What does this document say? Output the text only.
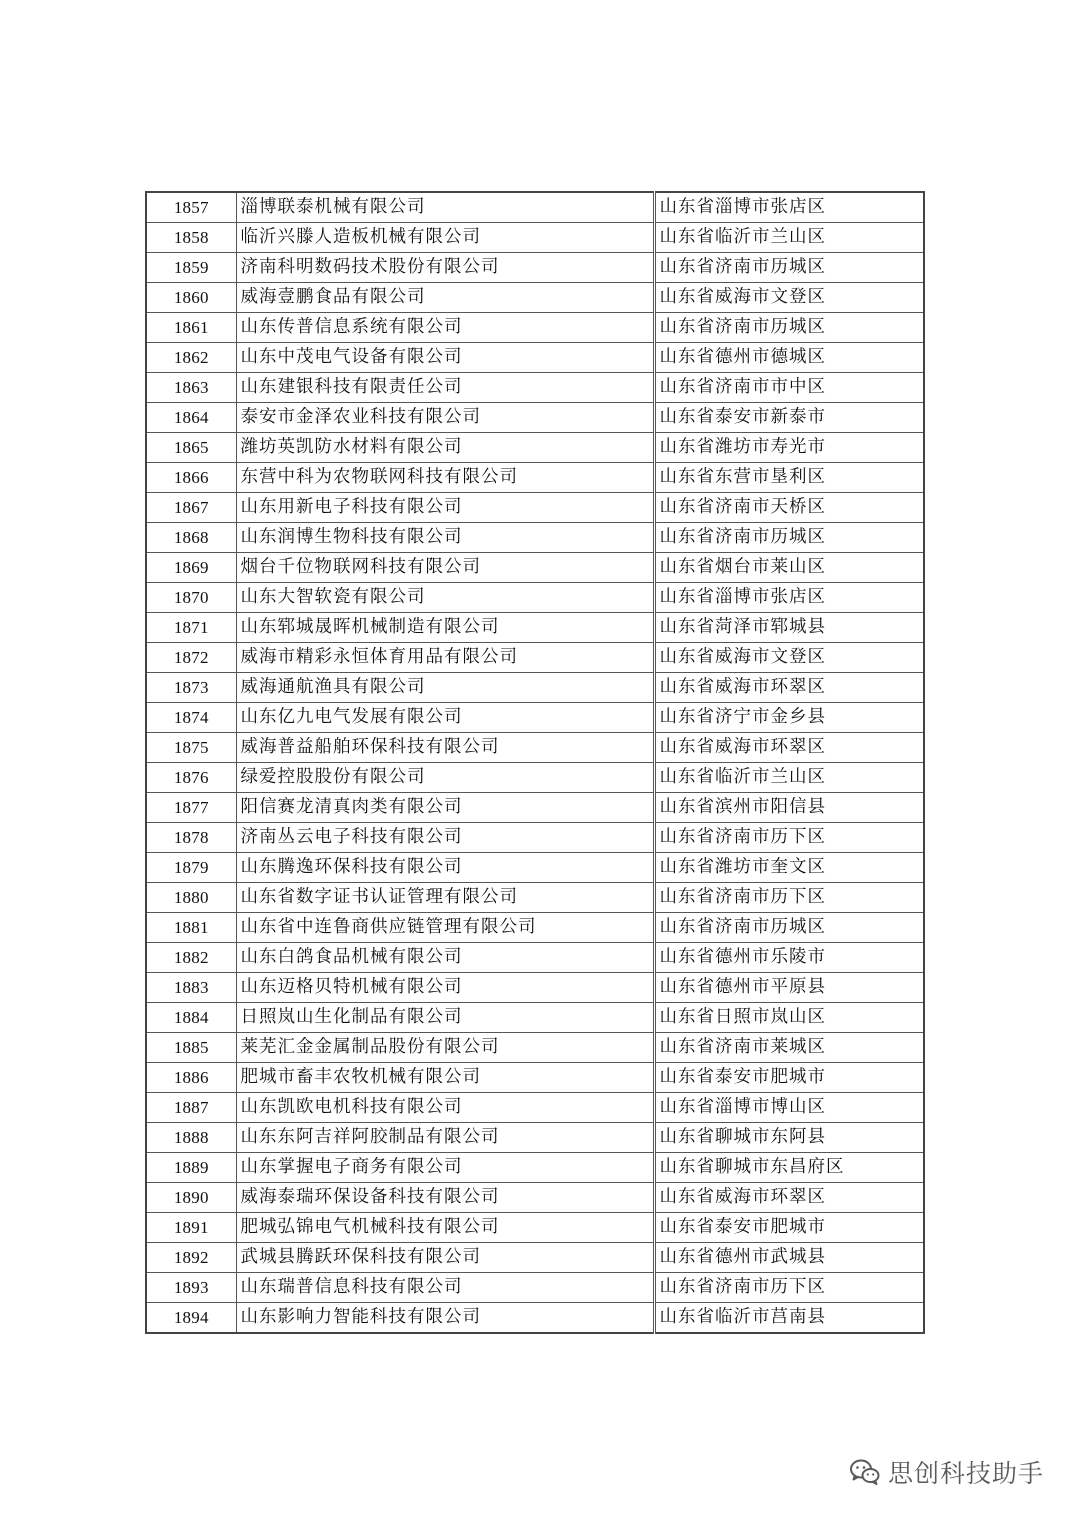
1857	淄博联泰机械有限公司	山东省淄博市张店区
1858	临沂兴滕人造板机械有限公司	山东省临沂市兰山区
1859	济南科明数码技术股份有限公司	山东省济南市历城区
1860	威海壹鹏食品有限公司	山东省威海市文登区
1861	山东传普信息系统有限公司	山东省济南市历城区
1862	山东中茂电气设备有限公司	山东省德州市德城区
1863	山东建银科技有限责任公司	山东省济南市市中区
1864	泰安市金泽农业科技有限公司	山东省泰安市新泰市
1865	潍坊英凯防水材料有限公司	山东省潍坊市寿光市
1866	东营中科为农物联网科技有限公司	山东省东营市垦利区
1867	山东用新电子科技有限公司	山东省济南市天桥区
1868	山东润博生物科技有限公司	山东省济南市历城区
1869	烟台千位物联网科技有限公司	山东省烟台市莱山区
1870	山东大智软瓷有限公司	山东省淄博市张店区
1871	山东郓城晟晖机械制造有限公司	山东省菏泽市郓城县
1872	威海市精彩永恒体育用品有限公司	山东省威海市文登区
1873	威海通航渔具有限公司	山东省威海市环翠区
1874	山东亿九电气发展有限公司	山东省济宁市金乡县
1875	威海普益船舶环保科技有限公司	山东省威海市环翠区
1876	绿爱控股股份有限公司	山东省临沂市兰山区
1877	阳信赛龙清真肉类有限公司	山东省滨州市阳信县
1878	济南丛云电子科技有限公司	山东省济南市历下区
1879	山东腾逸环保科技有限公司	山东省潍坊市奎文区
1880	山东省数字证书认证管理有限公司	山东省济南市历下区
1881	山东省中连鲁商供应链管理有限公司	山东省济南市历城区
1882	山东白鸽食品机械有限公司	山东省德州市乐陵市
1883	山东迈格贝特机械有限公司	山东省德州市平原县
1884	日照岚山生化制品有限公司	山东省日照市岚山区
1885	莱芜汇金金属制品股份有限公司	山东省济南市莱城区
1886	肥城市畜丰农牧机械有限公司	山东省泰安市肥城市
1887	山东凯欧电机科技有限公司	山东省淄博市博山区
1888	山东东阿吉祥阿胶制品有限公司	山东省聊城市东阿县
1889	山东掌握电子商务有限公司	山东省聊城市东昌府区
1890	威海泰瑞环保设备科技有限公司	山东省威海市环翠区
1891	肥城弘锦电气机械科技有限公司	山东省泰安市肥城市
1892	武城县腾跃环保科技有限公司	山东省德州市武城县
1893	山东瑞普信息科技有限公司	山东省济南市历下区
1894	山东影响力智能科技有限公司	山东省临沂市莒南县
思创科技助手
